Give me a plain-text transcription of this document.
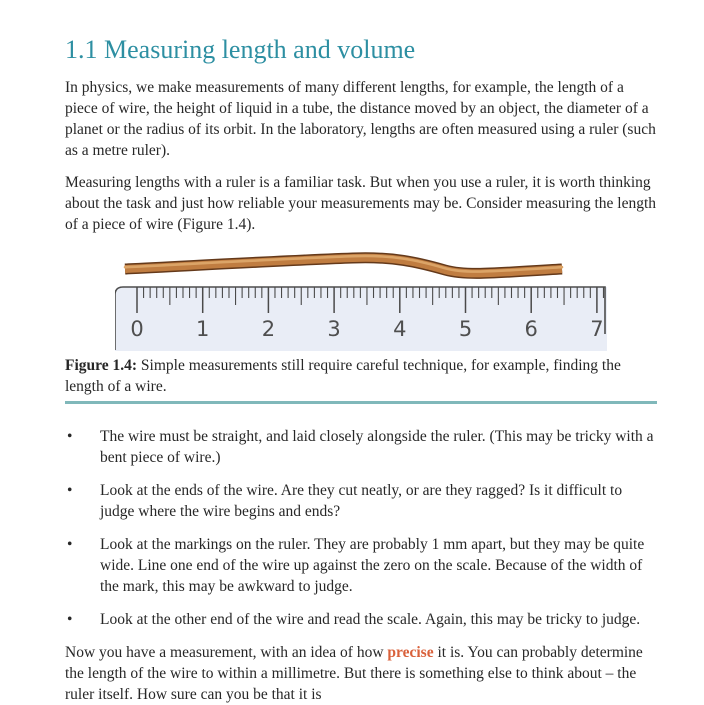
1.1 Measuring length and volume

In physics, we make measurements of many different lengths, for example, the length of a piece of wire, the height of liquid in a tube, the distance moved by an object, the diameter of a planet or the radius of its orbit. In the laboratory, lengths are often measured using a ruler (such as a metre ruler).

Measuring lengths with a ruler is a familiar task. But when you use a ruler, it is worth thinking about the task and just how reliable your measurements may be. Consider measuring the length of a piece of wire (Figure 1.4).

0 1 2 3 4 5 6 7

Figure 1.4: Simple measurements still require careful technique, for example, finding the length of a wire.

• The wire must be straight, and laid closely alongside the ruler. (This may be tricky with a bent piece of wire.)
• Look at the ends of the wire. Are they cut neatly, or are they ragged? Is it difficult to judge where the wire begins and ends?
• Look at the markings on the ruler. They are probably 1 mm apart, but they may be quite wide. Line one end of the wire up against the zero on the scale. Because of the width of the mark, this may be awkward to judge.
• Look at the other end of the wire and read the scale. Again, this may be tricky to judge.

Now you have a measurement, with an idea of how precise it is. You can probably determine the length of the wire to within a millimetre. But there is something else to think about – the ruler itself. How sure can you be that it is
